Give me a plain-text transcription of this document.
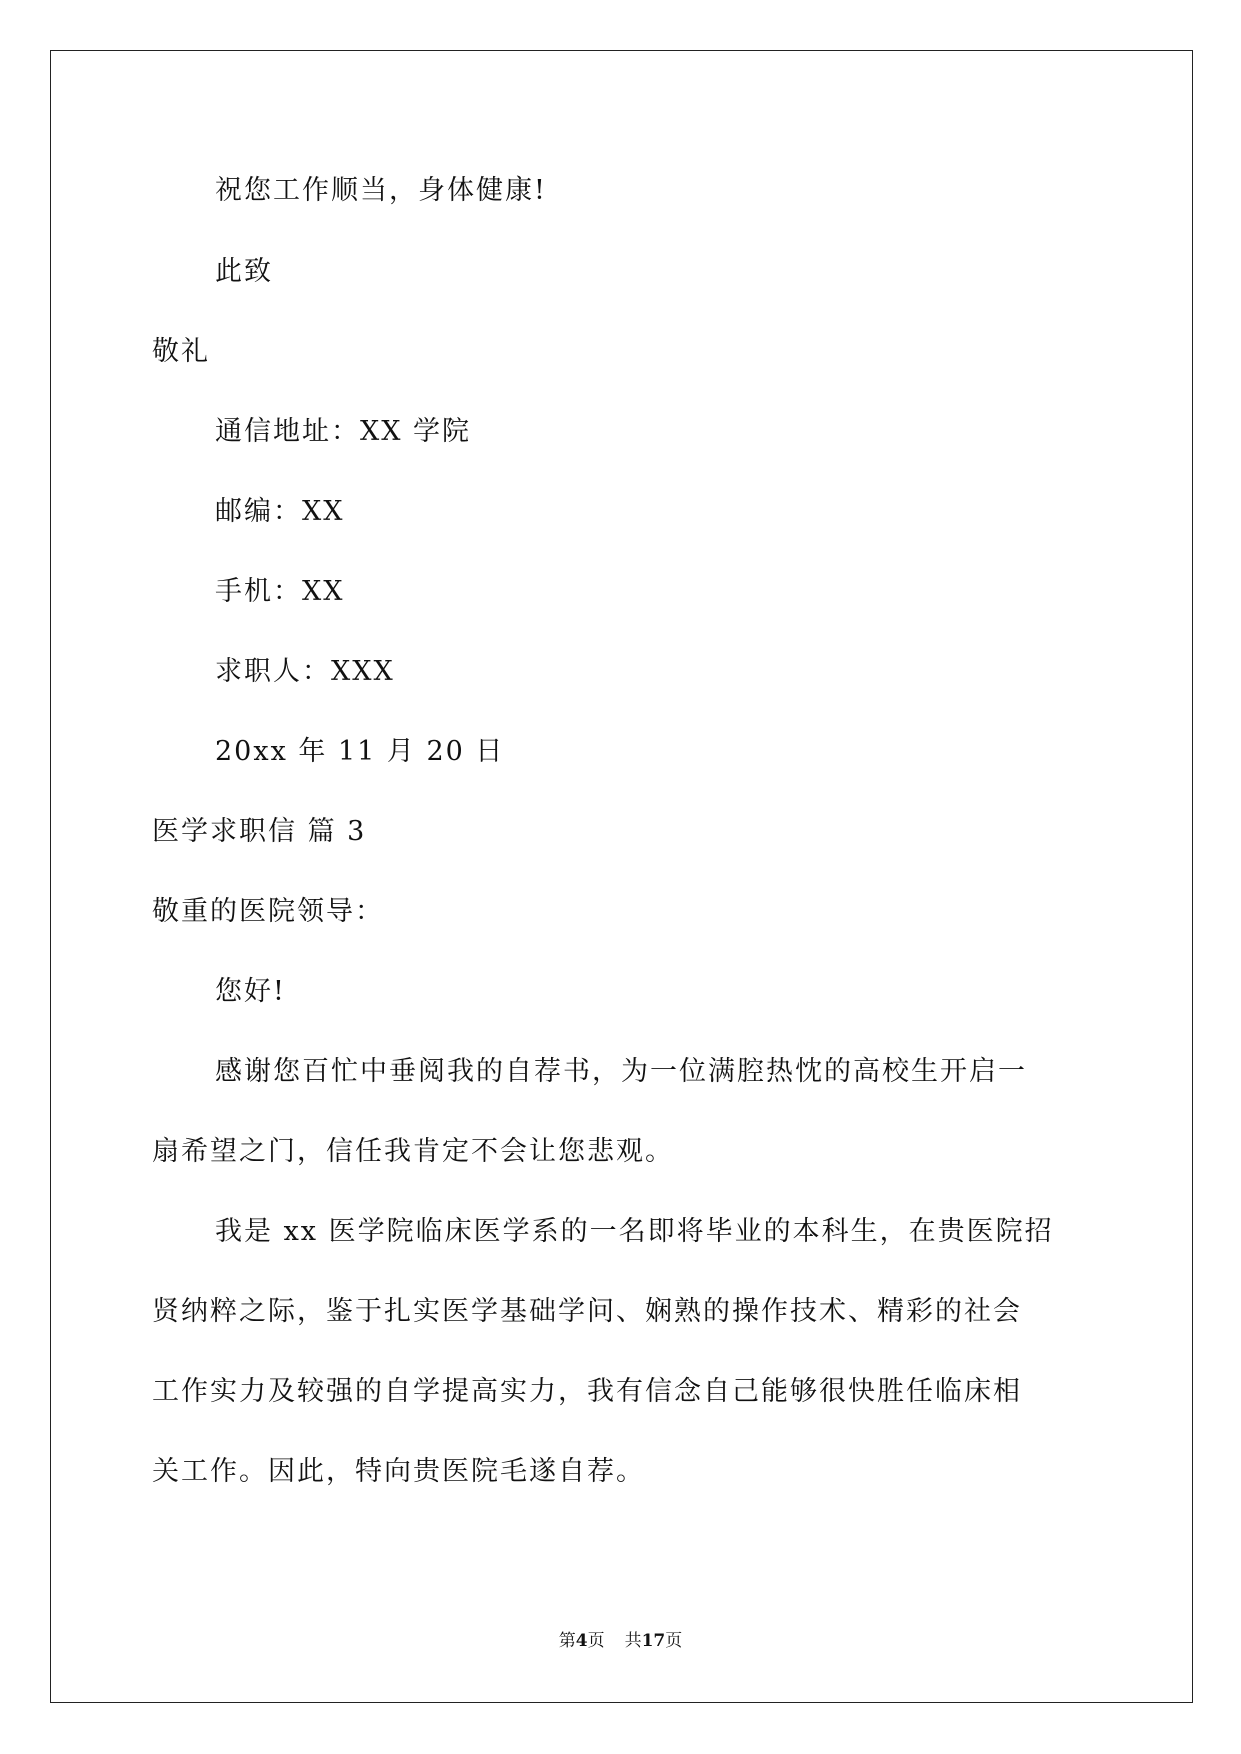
祝您工作顺当，身体健康!
此致
敬礼
通信地址：XX 学院
邮编：XX
手机：XX
求职人：XXX
20xx 年 11 月 20 日
医学求职信 篇 3
敬重的医院领导：
您好!
感谢您百忙中垂阅我的自荐书，为一位满腔热忱的高校生开启一
扇希望之门，信任我肯定不会让您悲观。
我是 xx 医学院临床医学系的一名即将毕业的本科生，在贵医院招
贤纳粹之际，鉴于扎实医学基础学问、娴熟的操作技术、精彩的社会
工作实力及较强的自学提高实力，我有信念自己能够很快胜任临床相
关工作。因此，特向贵医院毛遂自荐。
第4页 共17页
